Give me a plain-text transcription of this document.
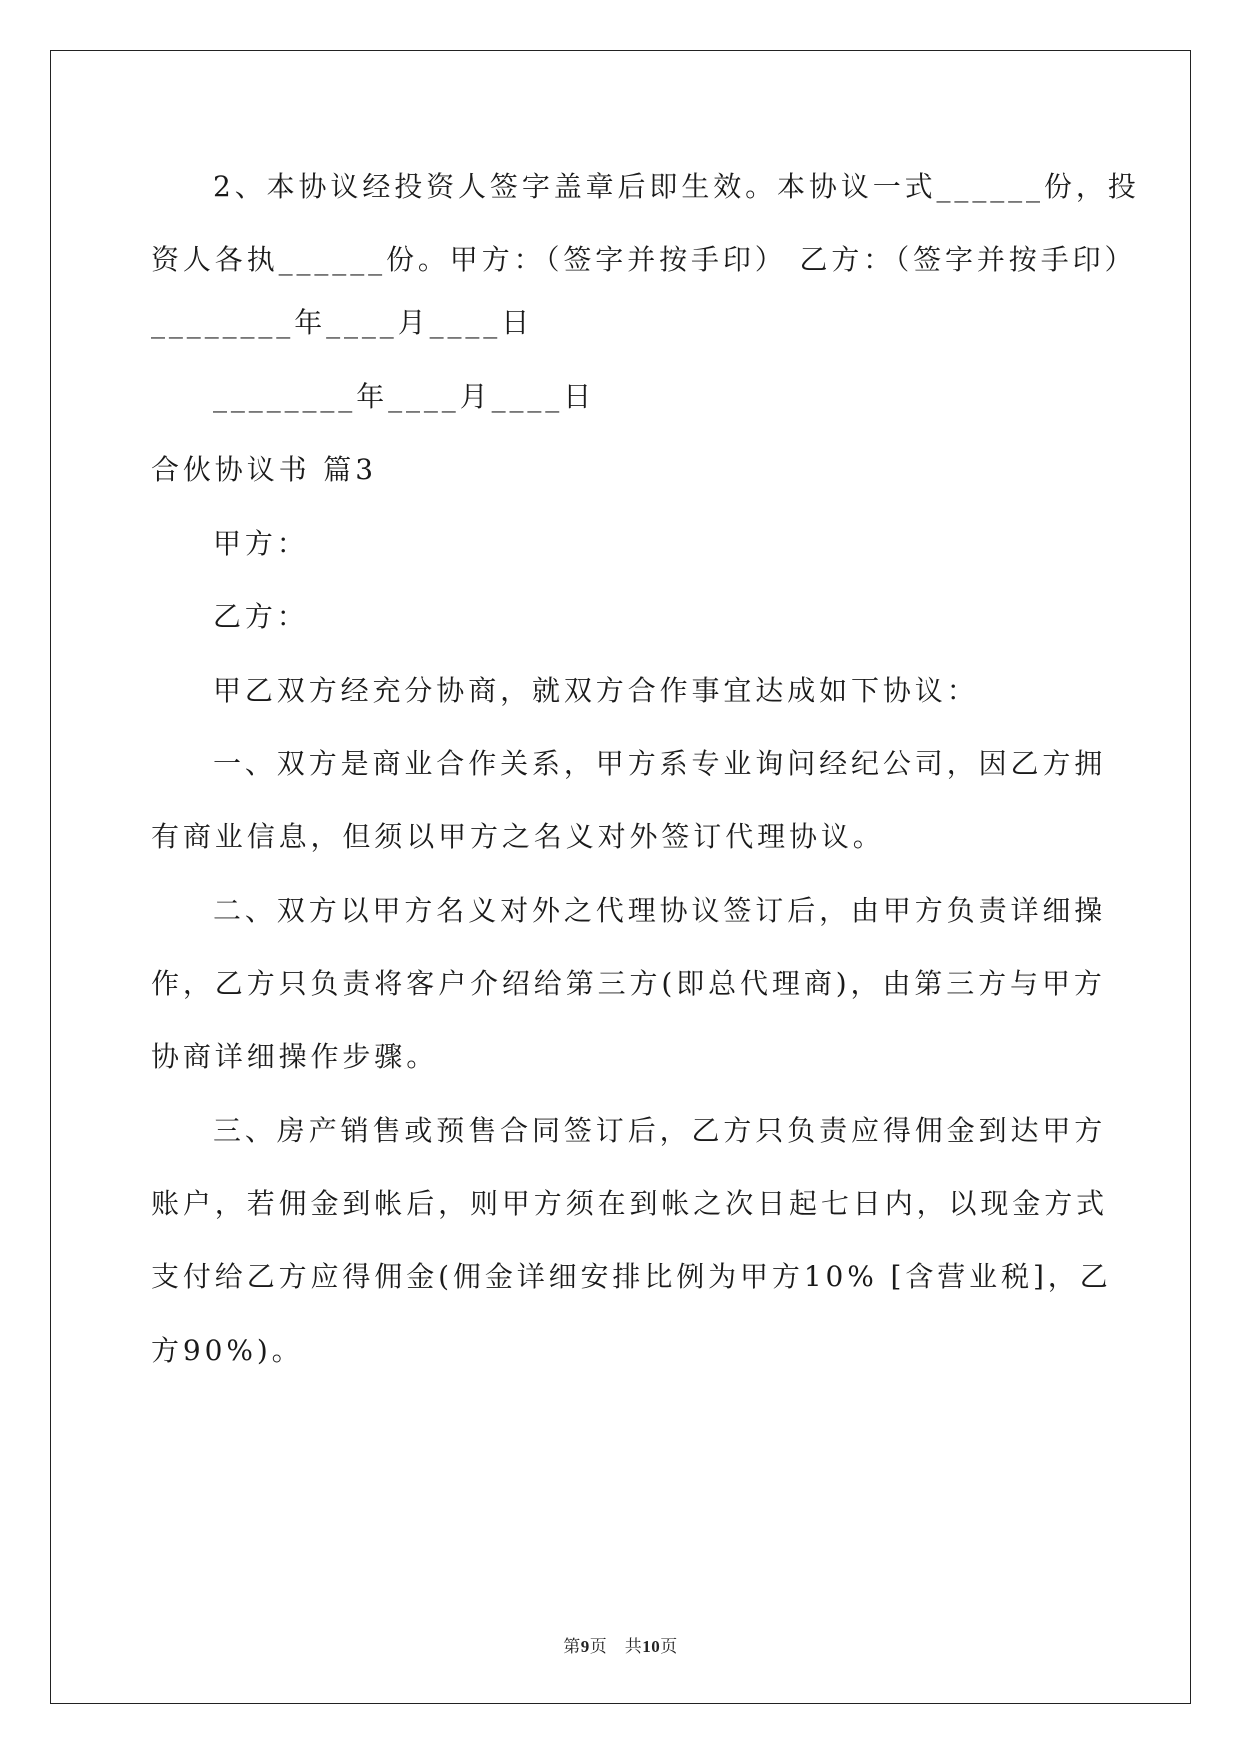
2、本协议经投资人签字盖章后即生效。本协议一式______份，投
资人各执______份。甲方：（签字并按手印） 乙方：（签字并按手印）
________年____月____日
________年____月____日
合伙协议书 篇3
甲方：
乙方：
甲乙双方经充分协商，就双方合作事宜达成如下协议：
一、双方是商业合作关系，甲方系专业询问经纪公司，因乙方拥
有商业信息，但须以甲方之名义对外签订代理协议。
二、双方以甲方名义对外之代理协议签订后，由甲方负责详细操
作，乙方只负责将客户介绍给第三方(即总代理商)，由第三方与甲方
协商详细操作步骤。
三、房产销售或预售合同签订后，乙方只负责应得佣金到达甲方
账户，若佣金到帐后，则甲方须在到帐之次日起七日内，以现金方式
支付给乙方应得佣金(佣金详细安排比例为甲方10% [含营业税]，乙
方90%)。
第9页　共10页
